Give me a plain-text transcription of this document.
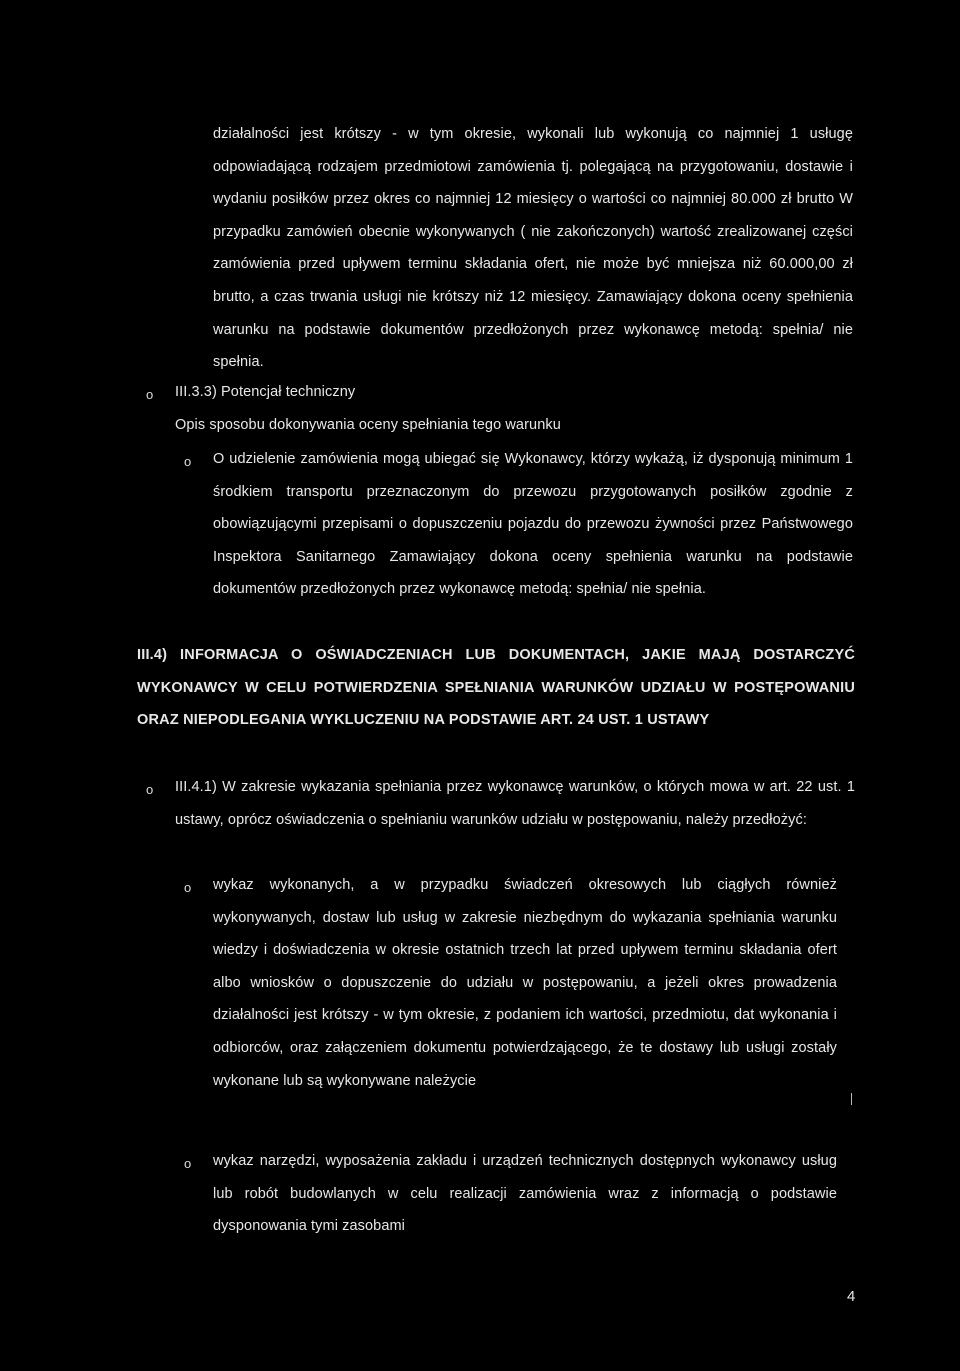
działalności jest krótszy - w tym okresie, wykonali lub wykonują co najmniej 1 usługę odpowiadającą rodzajem przedmiotowi zamówienia tj. polegającą na przygotowaniu, dostawie i wydaniu posiłków przez okres co najmniej 12 miesięcy o wartości co najmniej 80.000 zł brutto W przypadku zamówień obecnie wykonywanych ( nie zakończonych) wartość zrealizowanej części zamówienia przed upływem terminu składania ofert, nie może być mniejsza niż 60.000,00 zł brutto, a czas trwania usługi nie krótszy niż 12 miesięcy. Zamawiający dokona oceny spełnienia warunku na podstawie dokumentów przedłożonych przez wykonawcę metodą: spełnia/ nie spełnia.

o III.3.3) Potencjał techniczny

Opis sposobu dokonywania oceny spełniania tego warunku

o O udzielenie zamówienia mogą ubiegać się Wykonawcy, którzy wykażą, iż dysponują minimum 1 środkiem transportu przeznaczonym do przewozu przygotowanych posiłków zgodnie z obowiązującymi przepisami o dopuszczeniu pojazdu do przewozu żywności przez Państwowego Inspektora Sanitarnego Zamawiający dokona oceny spełnienia warunku na podstawie dokumentów przedłożonych przez wykonawcę metodą: spełnia/ nie spełnia.

III.4) INFORMACJA O OŚWIADCZENIACH LUB DOKUMENTACH, JAKIE MAJĄ DOSTARCZYĆ WYKONAWCY W CELU POTWIERDZENIA SPEŁNIANIA WARUNKÓW UDZIAŁU W POSTĘPOWANIU ORAZ NIEPODLEGANIA WYKLUCZENIU NA PODSTAWIE ART. 24 UST. 1 USTAWY

o III.4.1) W zakresie wykazania spełniania przez wykonawcę warunków, o których mowa w art. 22 ust. 1 ustawy, oprócz oświadczenia o spełnianiu warunków udziału w postępowaniu, należy przedłożyć:

o wykaz wykonanych, a w przypadku świadczeń okresowych lub ciągłych również wykonywanych, dostaw lub usług w zakresie niezbędnym do wykazania spełniania warunku wiedzy i doświadczenia w okresie ostatnich trzech lat przed upływem terminu składania ofert albo wniosków o dopuszczenie do udziału w postępowaniu, a jeżeli okres prowadzenia działalności jest krótszy - w tym okresie, z podaniem ich wartości, przedmiotu, dat wykonania i odbiorców, oraz załączeniem dokumentu potwierdzającego, że te dostawy lub usługi zostały wykonane lub są wykonywane należycie

o wykaz narzędzi, wyposażenia zakładu i urządzeń technicznych dostępnych wykonawcy usług lub robót budowlanych w celu realizacji zamówienia wraz z informacją o podstawie dysponowania tymi zasobami

4
